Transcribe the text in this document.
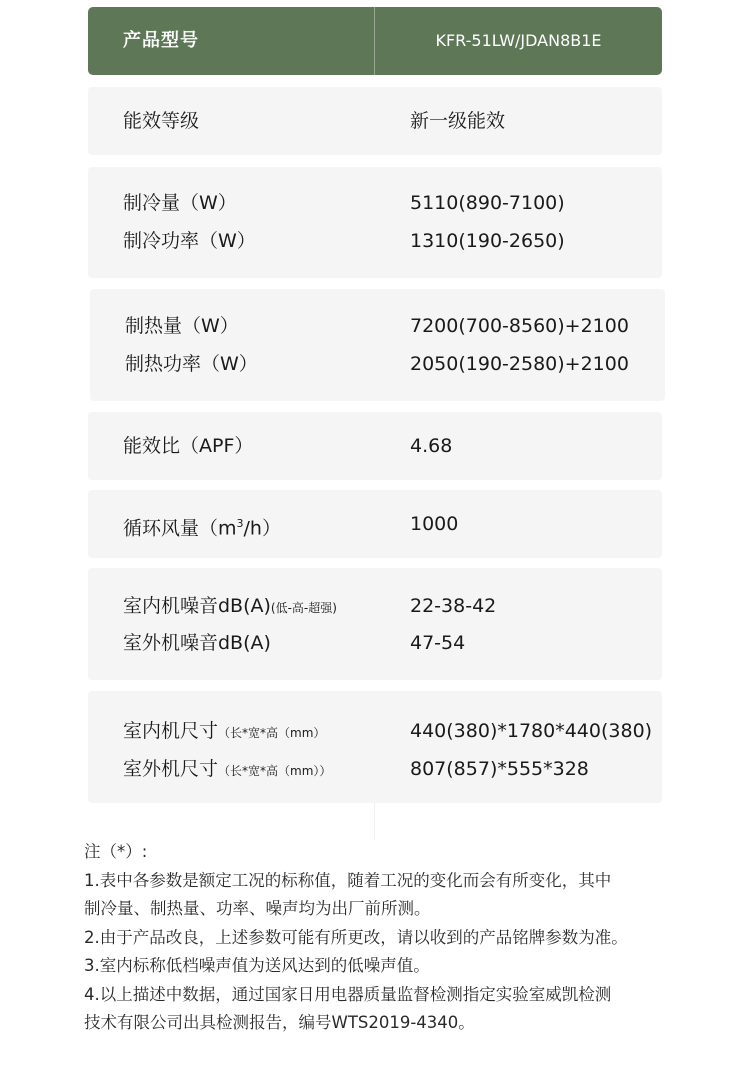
产品型号	KFR-51LW/JDAN8B1E
能效等级	新一级能效
制冷量（W）	5110(890-7100)
制冷功率（W）	1310(190-2650)
制热量（W）	7200(700-8560)+2100
制热功率（W）	2050(190-2580)+2100
能效比（APF）	4.68
循环风量$(m^3/h)$	1000
室内机噪音dB(A)(低-高-超强)	22-38-42
室外机噪音dB(A)	47-54
室内机尺寸（长*宽*高（mm）	440(380)*1780*440(380)
室外机尺寸（长*宽*高（mm））	807(857)*555*328
注（*）:
1.表中各参数是额定工况的标称值，随着工况的变化而会有所变化，其中
制冷量、制热量、功率、噪声均为出厂前所测。
2.由于产品改良，上述参数可能有所更改，请以收到的产品铭牌参数为准。
3.室内标称低档噪声值为送风达到的低噪声值。
4.以上描述中数据，通过国家日用电器质量监督检测指定实验室威凯检测
技术有限公司出具检测报告，编号WTS2019-4340。
